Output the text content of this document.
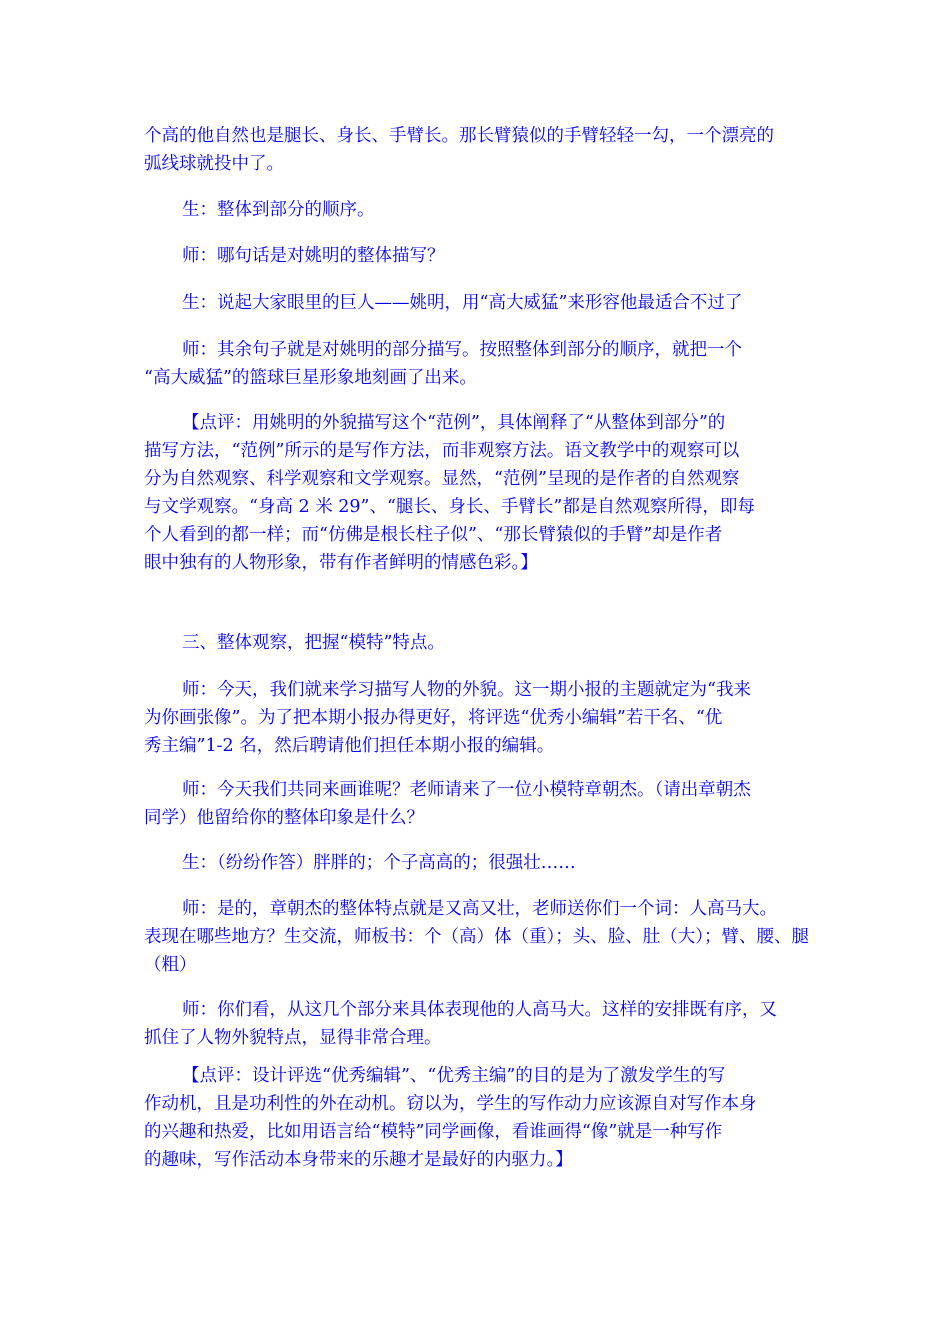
个高的他自然也是腿长、身长、手臂长。那长臂猿似的手臂轻轻一勾，一个漂亮的
弧线球就投中了。
生：整体到部分的顺序。
师：哪句话是对姚明的整体描写？
生：说起大家眼里的巨人——姚明，用“高大威猛”来形容他最适合不过了
师：其余句子就是对姚明的部分描写。按照整体到部分的顺序，就把一个
“高大威猛”的篮球巨星形象地刻画了出来。
【点评：用姚明的外貌描写这个“范例”，具体阐释了“从整体到部分”的
描写方法，“范例”所示的是写作方法，而非观察方法。语文教学中的观察可以
分为自然观察、科学观察和文学观察。显然，“范例”呈现的是作者的自然观察
与文学观察。“身高 2 米 29”、“腿长、身长、手臂长”都是自然观察所得，即每
个人看到的都一样；而“仿佛是根长柱子似”、“那长臂猿似的手臂”却是作者
眼中独有的人物形象，带有作者鲜明的情感色彩。】
三、整体观察，把握“模特”特点。
师：今天，我们就来学习描写人物的外貌。这一期小报的主题就定为“我来
为你画张像”。为了把本期小报办得更好，将评选“优秀小编辑”若干名、“优
秀主编”1-2 名，然后聘请他们担任本期小报的编辑。
师：今天我们共同来画谁呢？老师请来了一位小模特章朝杰。（请出章朝杰
同学）他留给你的整体印象是什么？
生：（纷纷作答）胖胖的；个子高高的；很强壮……
师：是的，章朝杰的整体特点就是又高又壮，老师送你们一个词：人高马大。
表现在哪些地方？生交流，师板书：个（高）体（重）；头、脸、肚（大）；臂、腰、腿
（粗）
师：你们看，从这几个部分来具体表现他的人高马大。这样的安排既有序，又
抓住了人物外貌特点，显得非常合理。
【点评：设计评选“优秀编辑”、“优秀主编”的目的是为了激发学生的写
作动机，且是功利性的外在动机。窃以为，学生的写作动力应该源自对写作本身
的兴趣和热爱，比如用语言给“模特”同学画像，看谁画得“像”就是一种写作
的趣味，写作活动本身带来的乐趣才是最好的内驱力。】
